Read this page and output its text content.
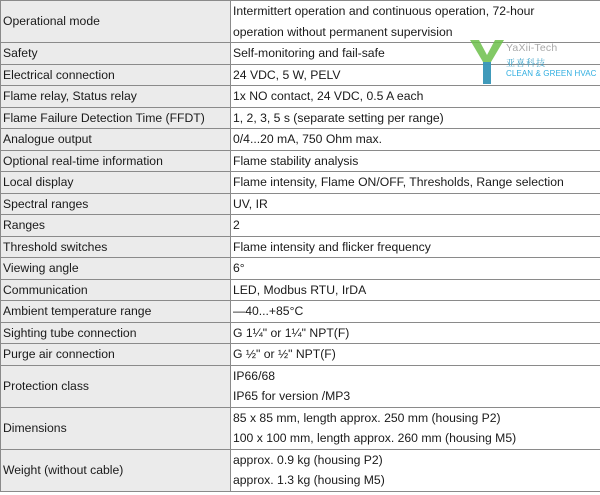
Operational mode	Intermittert operation and continuous operation, 72-hour
operation without permanent supervision

Safety	Self-monitoring and fail-safe

Electrical connection	24 VDC, 5 W, PELV

Flame relay, Status relay	1x NO contact, 24 VDC, 0.5 A each

Flame Failure Detection Time (FFDT)	1, 2, 3, 5 s (separate setting per range)

Analogue output	0/4...20 mA, 750 Ohm max.

Optional real-time information	Flame stability analysis

Local display	Flame intensity, Flame ON/OFF, Thresholds, Range selection

Spectral ranges	UV, IR

Ranges	2

Threshold switches	Flame intensity and flicker frequency

Viewing angle	6°

Communication	LED, Modbus RTU, IrDA

Ambient temperature range	—40...+85°C

Sighting tube connection	G 1¼" or 1¼" NPT(F)

Purge air connection	G ½" or ½" NPT(F)

Protection class	IP66/68
IP65 for version /MP3

Dimensions	85 x 85 mm, length approx. 250 mm (housing P2)
100 x 100 mm, length approx. 260 mm (housing M5)

Weight (without cable)	approx. 0.9 kg (housing P2)
approx. 1.3 kg (housing M5)
YaXii-Tech
亚喜科技
CLEAN & GREEN HVAC
